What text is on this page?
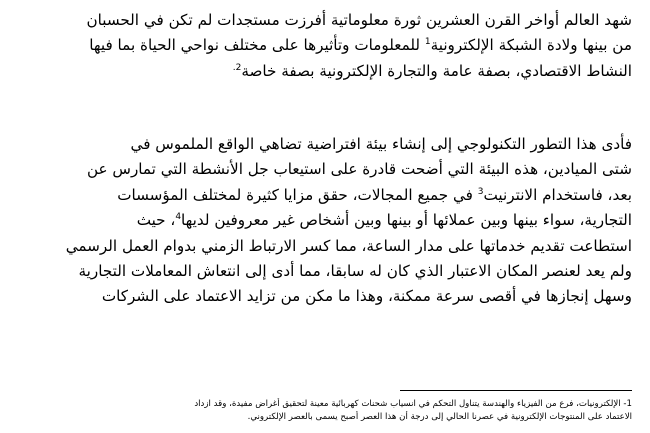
شهد العالم أواخر القرن العشرين ثورة معلوماتية أفرزت مستجدات لم تكن في الحسبان
من بينها ولادة الشبكة الإلكترونية$^1$ للمعلومات وتأثيرها على مختلف نواحي الحياة بما فيها
النشاط الاقتصادي، بصفة عامة والتجارة الإلكترونية بصفة خاصة$^{2.}$

فأدى هذا التطور التكنولوجي إلى إنشاء بيئة افتراضية تضاهي الواقع الملموس في
شتى الميادين، هذه البيئة التي أضحت قادرة على استيعاب جل الأنشطة التي تمارس عن
بعد، فاستخدام الانترنيت$^3$ في جميع المجالات، حقق مزايا كثيرة لمختلف المؤسسات
التجارية، سواء بينها وبين عملائها أو بينها وبين أشخاص غير معروفين لديها$^4$، حيث
استطاعت تقديم خدماتها على مدار الساعة، مما كسر الارتباط الزمني بدوام العمل الرسمي
ولم يعد لعنصر المكان الاعتبار الذي كان له سابقا، مما أدى إلى انتعاش المعاملات التجارية
وسهل إنجازها في أقصى سرعة ممكنة، وهذا ما مكن من تزايد الاعتماد على الشركات

1- الإلكترونيات، فرع من الفيزياء والهندسة يتناول التحكم في انسياب شحنات كهربائية معينة لتحقيق أغراض مفيدة، وقد ازداد
الاعتماد على المنتوجات الإلكترونية في عصرنا الحالي إلى درجة أن هذا العصر أصبح يسمى بالعصر الإلكتروني.
